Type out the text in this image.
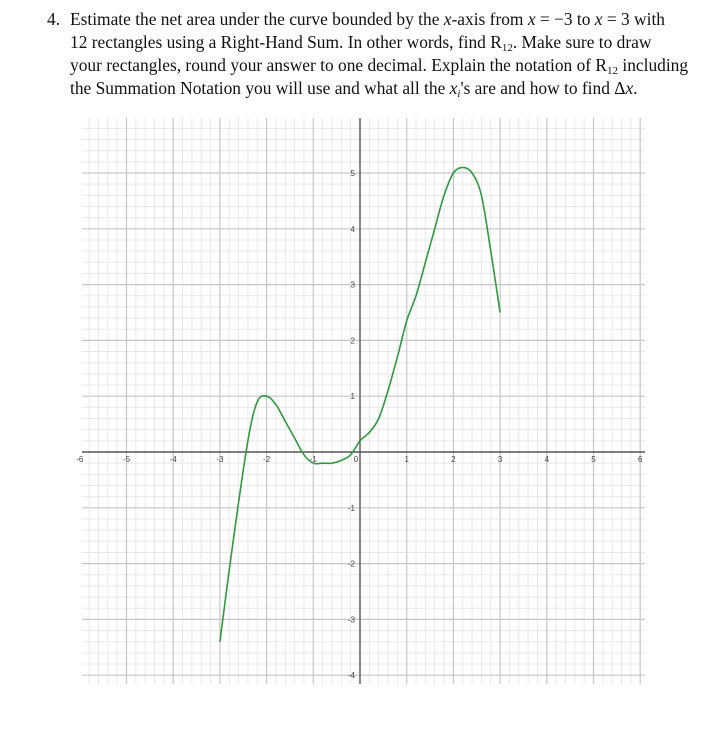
4. Estimate the net area under the curve bounded by the x-axis from x = −3 to x = 3 with
12 rectangles using a Right-Hand Sum. In other words, find $R_{12}$. Make sure to draw
your rectangles, round your answer to one decimal. Explain the notation of $R_{12}$ including
the Summation Notation you will use and what all the $x_i's$ are and how to find Δx.
-6	-5	-4	-3	-2	-1	0	1	2	3	4	5	6
5
4
3
2
1
-1
-2
-3
-4
